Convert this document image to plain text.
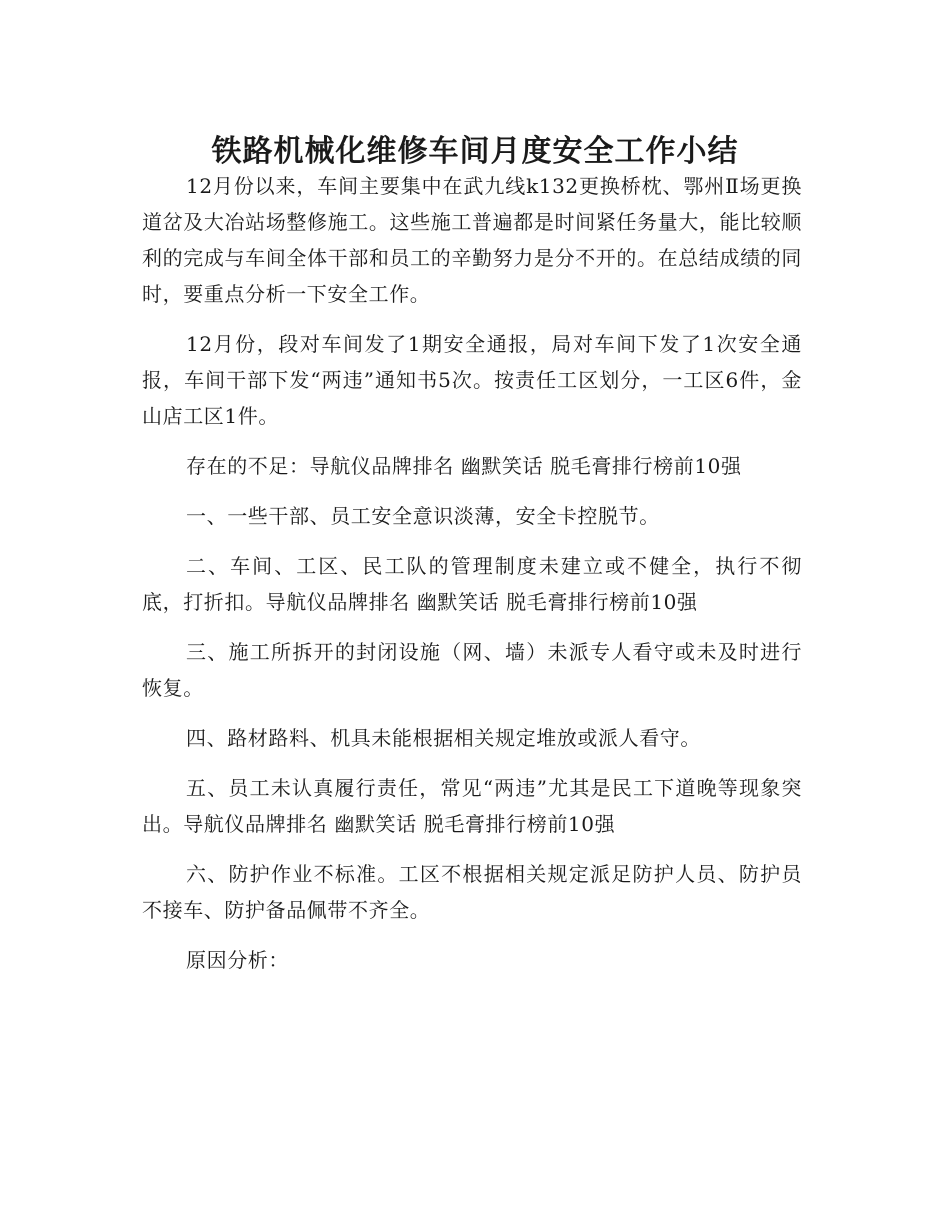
铁路机械化维修车间月度安全工作小结

12月份以来，车间主要集中在武九线k132更换桥枕、鄂州Ⅱ场更换道岔及大冶站场整修施工。这些施工普遍都是时间紧任务量大，能比较顺利的完成与车间全体干部和员工的辛勤努力是分不开的。在总结成绩的同时，要重点分析一下安全工作。

12月份，段对车间发了1期安全通报，局对车间下发了1次安全通报，车间干部下发“两违”通知书5次。按责任工区划分，一工区6件，金山店工区1件。

存在的不足：导航仪品牌排名 幽默笑话 脱毛膏排行榜前10强

一、一些干部、员工安全意识淡薄，安全卡控脱节。

二、车间、工区、民工队的管理制度未建立或不健全，执行不彻底，打折扣。导航仪品牌排名 幽默笑话 脱毛膏排行榜前10强

三、施工所拆开的封闭设施（网、墙）未派专人看守或未及时进行恢复。

四、路材路料、机具未能根据相关规定堆放或派人看守。

五、员工未认真履行责任，常见“两违”尤其是民工下道晚等现象突出。导航仪品牌排名 幽默笑话 脱毛膏排行榜前10强

六、防护作业不标准。工区不根据相关规定派足防护人员、防护员不接车、防护备品佩带不齐全。

原因分析：
